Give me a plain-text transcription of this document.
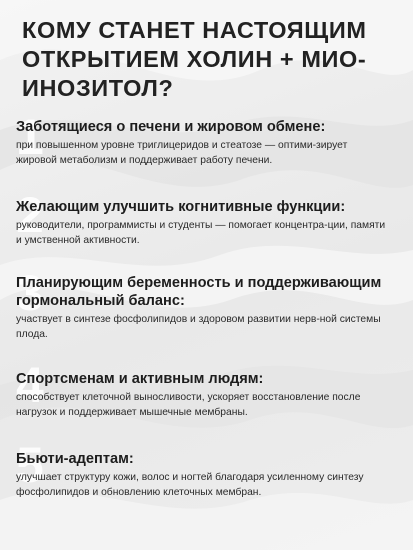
КОМУ СТАНЕТ НАСТОЯЩИМ ОТКРЫТИЕМ ХОЛИН + МИО-ИНОЗИТОЛ?
1
Заботящиеся о печени и жировом обмене:
при повышенном уровне триглицеридов и стеатозе — оптими-зирует жировой метаболизм и поддерживает работу печени.
2
Желающим улучшить когнитивные функции:
руководители, программисты и студенты — помогает концентра-ции, памяти и умственной активности.
3
Планирующим беременность и поддерживающим гормональный баланс:
участвует в синтезе фосфолипидов и здоровом развитии нерв-ной системы плода.
4
Спортсменам и активным людям:
способствует клеточной выносливости, ускоряет восстановление после нагрузок и поддерживает мышечные мембраны.
5
Бьюти-адептам:
улучшает структуру кожи, волос и ногтей благодаря усиленному синтезу фосфолипидов и обновлению клеточных мембран.
